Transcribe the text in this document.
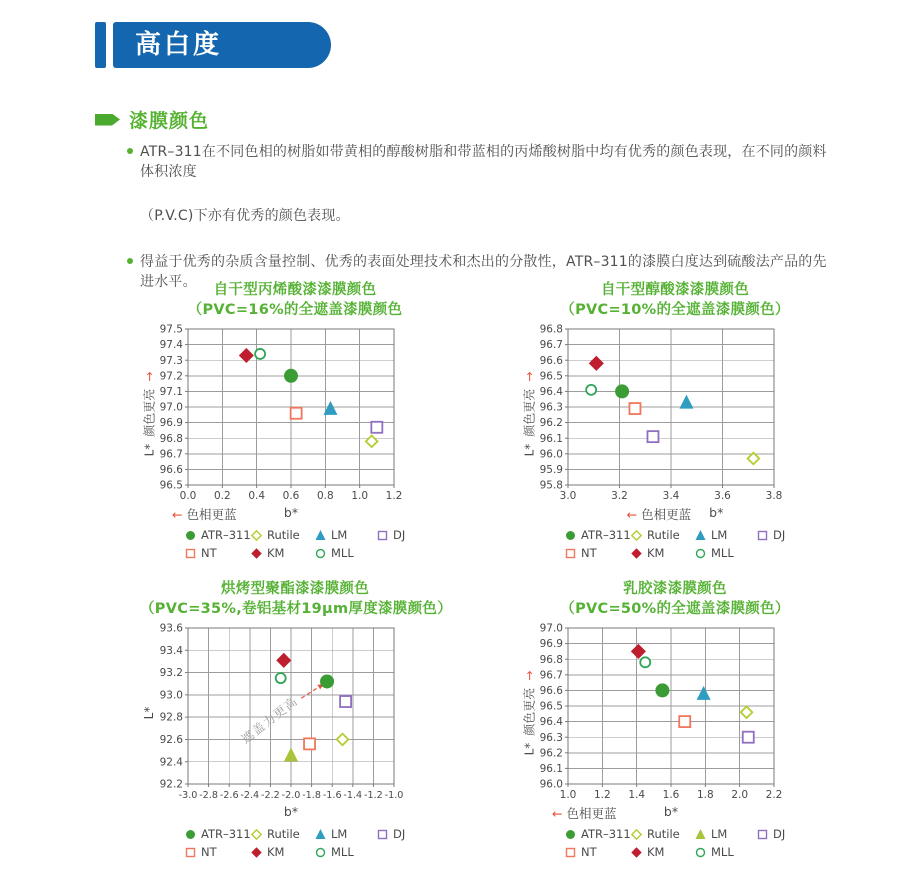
高白度
漆膜颜色
ATR–311在不同色相的树脂如带黄相的醇酸树脂和带蓝相的丙烯酸树脂中均有优秀的颜色表现，在不同的颜料体积浓度
（P.V.C)下亦有优秀的颜色表现。
得益于优秀的杂质含量控制、优秀的表面处理技术和杰出的分散性，ATR–311的漆膜白度达到硫酸法产品的先进水平。	自干型丙烯酸漆漆膜颜色
（PVC=16%的全遮盖漆膜颜色
L*
颜色更亮
→
0.0 0.2 0.4 0.6 0.8 1.0 1.2
96.5
96.6
96.7
96.8
96.9
97.0
97.1
97.2
97.3
97.4
97.5
← 色相更蓝	b*
ATR–311 Rutile	LM	DJ
NT	KM	MLL
自干型醇酸漆漆膜颜色
（PVC=10%的全遮盖漆膜颜色）
L*
颜色更亮
→
3.0	3.2	3.4	3.6	3.8
95.8
95.9
96.0
96.1
96.2
96.3
96.4
96.5
96.6
96.7
96.8
← 色相更蓝 b*
ATR–311 Rutile	LM	DJ
NT	KM	MLL
烘烤型聚酯漆漆膜颜色
（PVC=35%,卷铝基材19μm厚度漆膜颜色）
L*
-3.0 -2.8 -2.6 -2.4 -2.2 -2.0 -1.8 -1.6 -1.4 -1.2 -1.0
92.2
92.4
92.6
92.8
93.0
93.2
93.4
93.6
遮盖力更高
b*
ATR–311 Rutile	LM	DJ
NT	KM	MLL
乳胶漆漆膜颜色
（PVC=50%的全遮盖漆膜颜色）
L*
颜色更亮
→
1.0 1.2 1.4 1.6 1.8 2.0 2.2
96.0
96.1
96.2
96.3
96.4
96.5
96.6
96.7
96.8
96.9
97.0
← 色相更蓝	b*
ATR–311 Rutile	LM	DJ
NT	KM	MLL
